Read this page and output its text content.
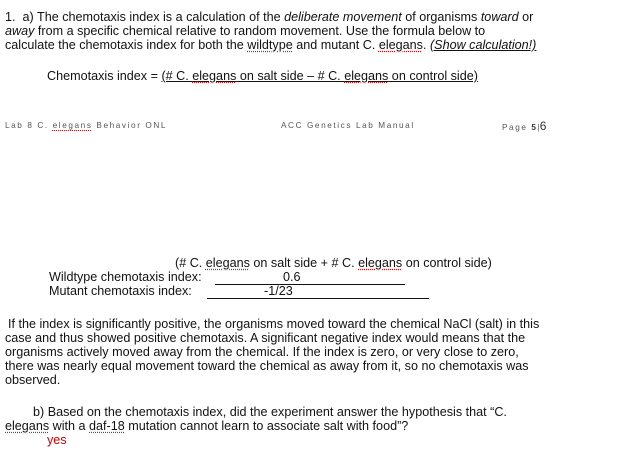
1. a) The chemotaxis index is a calculation of the deliberate movement of organisms toward or
away from a specific chemical relative to random movement. Use the formula below to
calculate the chemotaxis index for both the wildtype and mutant C. elegans. (Show calculation!)
Chemotaxis index = (# C. elegans on salt side – # C. elegans on control side)
Lab 8 C. elegans Behavior ONL	ACC Genetics Lab Manual	Page 5|6
(# C. elegans on salt side + # C. elegans on control side)
Wildtype chemotaxis index:	0.6
Mutant chemotaxis index:	-1/23
If the index is significantly positive, the organisms moved toward the chemical NaCl (salt) in this
case and thus showed positive chemotaxis. A significant negative index would means that the
organisms actively moved away from the chemical. If the index is zero, or very close to zero,
there was nearly equal movement toward the chemical as away from it, so no chemotaxis was
observed.
b) Based on the chemotaxis index, did the experiment answer the hypothesis that “C.
elegans with a daf-18 mutation cannot learn to associate salt with food”?
yes
